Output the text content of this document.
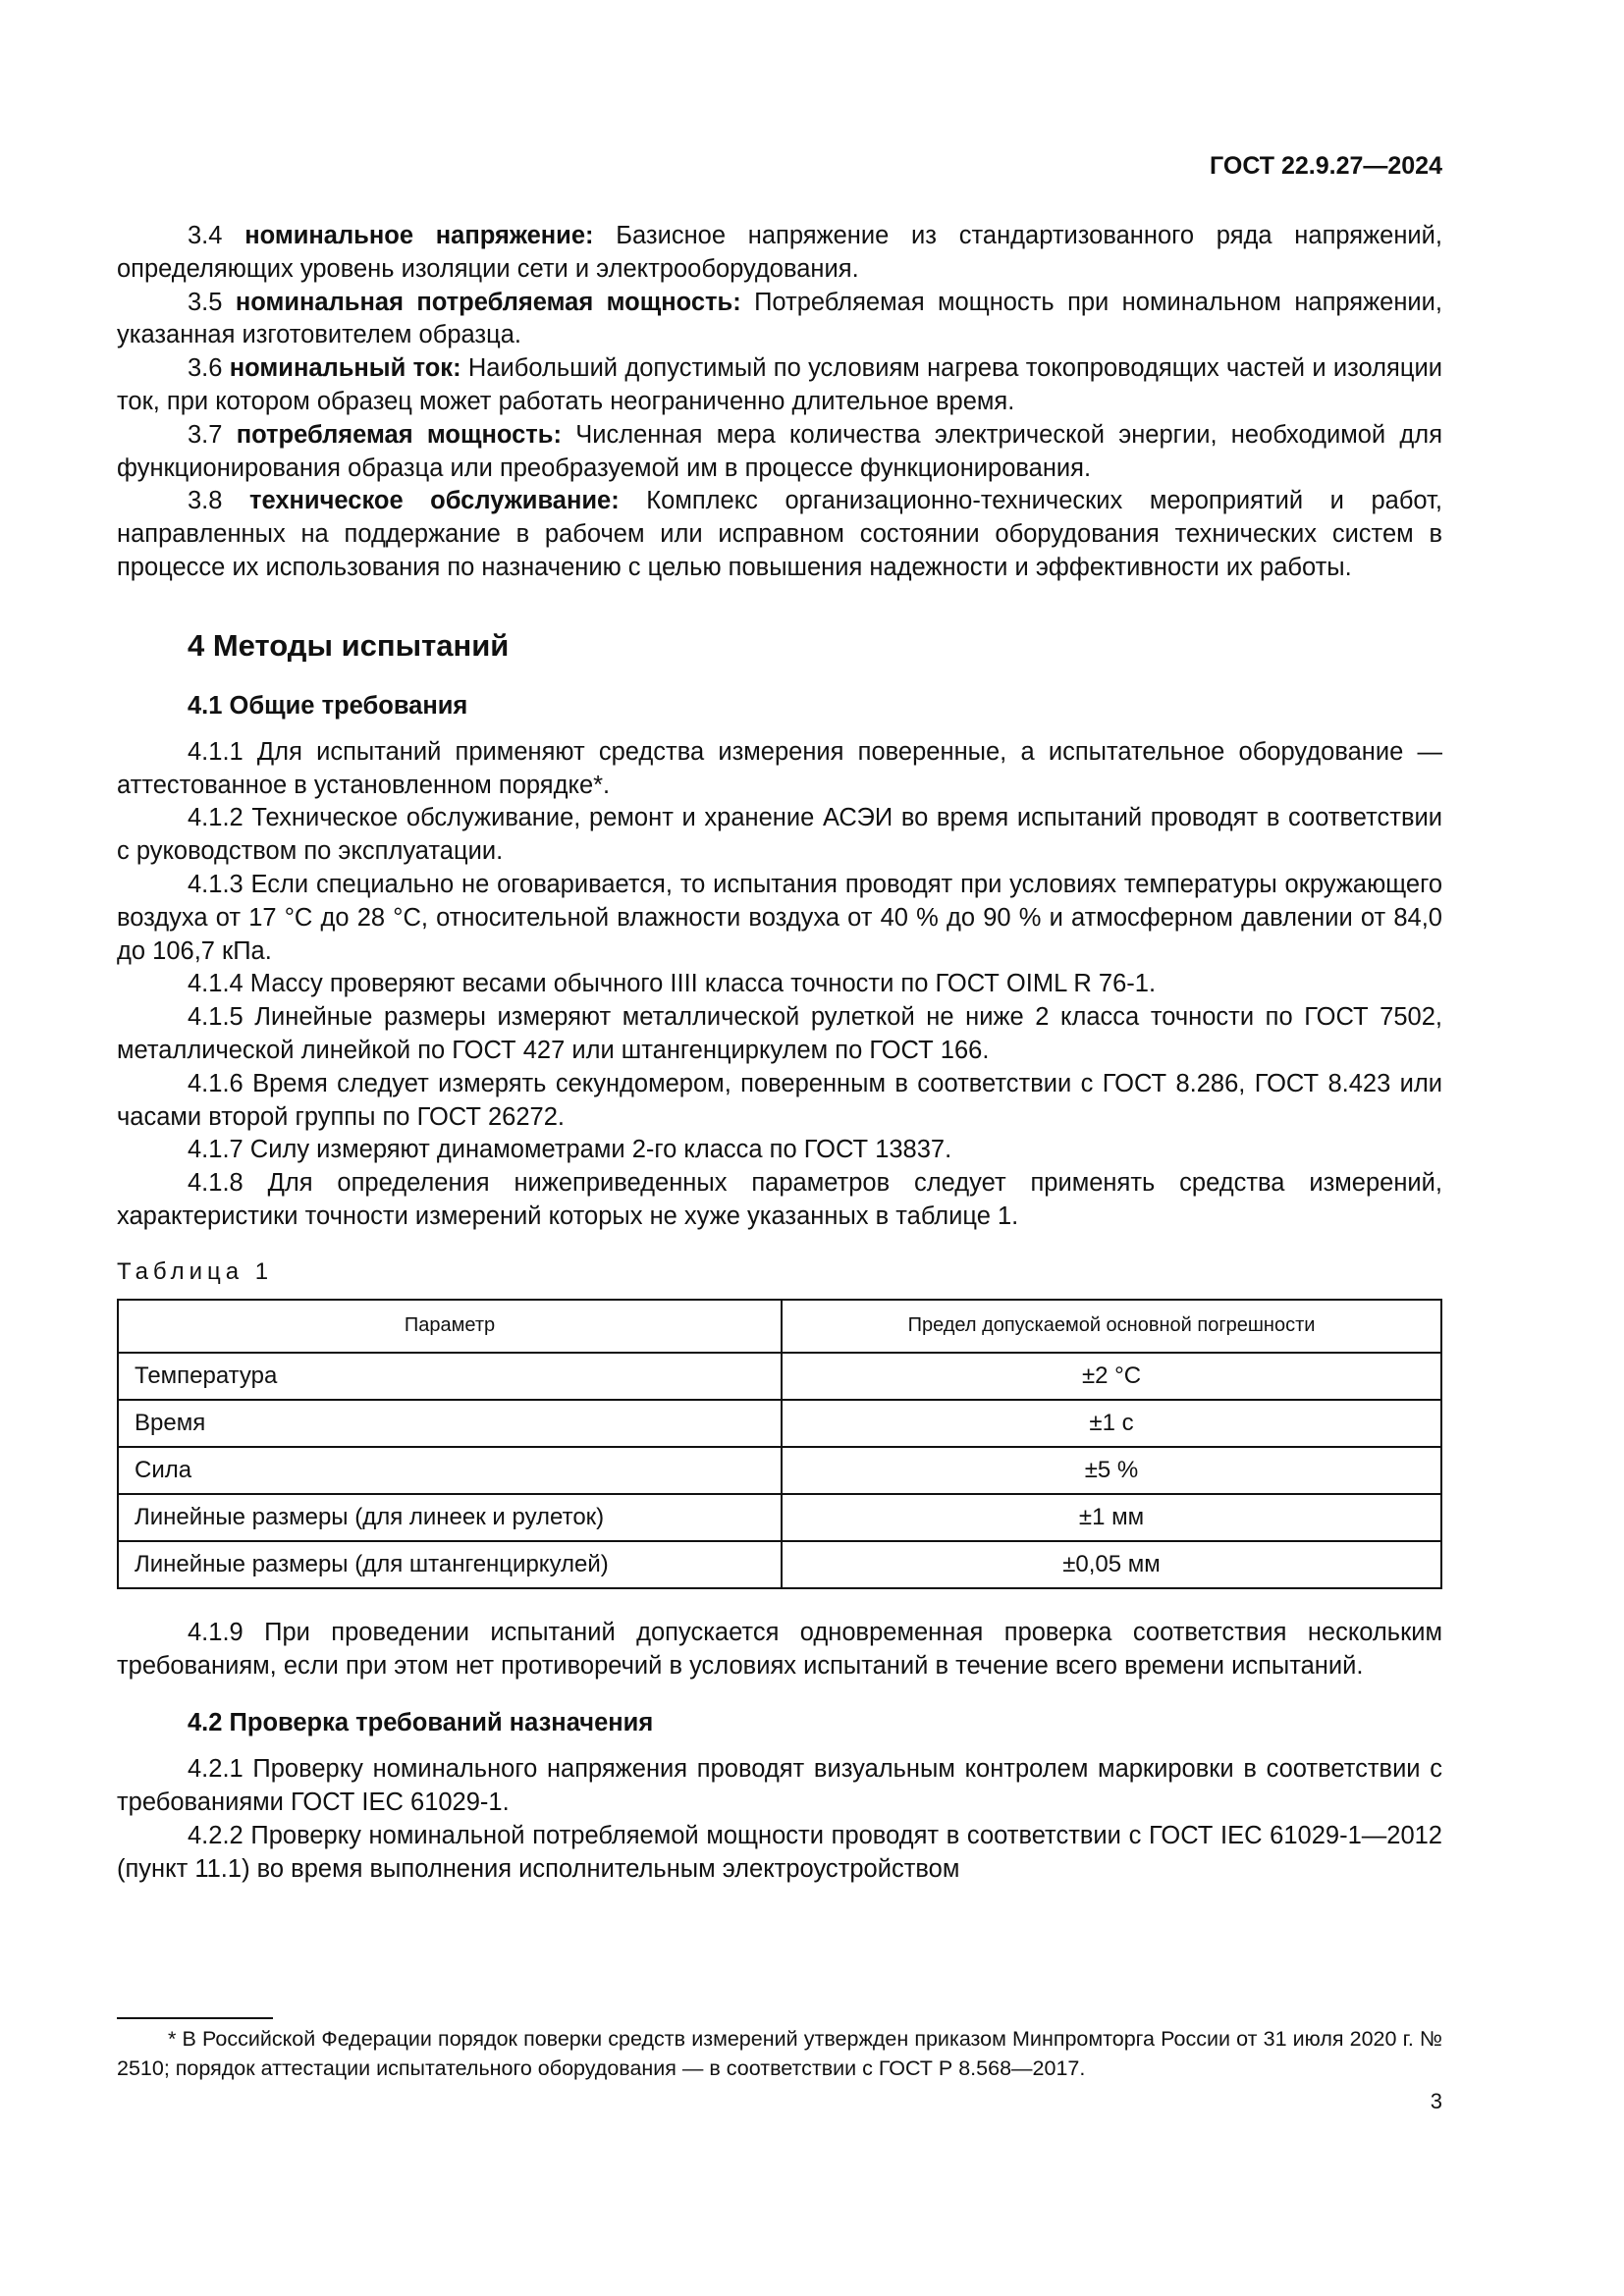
ГОСТ 22.9.27—2024

3.4 номинальное напряжение: Базисное напряжение из стандартизованного ряда напряжений, определяющих уровень изоляции сети и электрооборудования.

3.5 номинальная потребляемая мощность: Потребляемая мощность при номинальном напряжении, указанная изготовителем образца.

3.6 номинальный ток: Наибольший допустимый по условиям нагрева токопроводящих частей и изоляции ток, при котором образец может работать неограниченно длительное время.

3.7 потребляемая мощность: Численная мера количества электрической энергии, необходимой для функционирования образца или преобразуемой им в процессе функционирования.

3.8 техническое обслуживание: Комплекс организационно-технических мероприятий и работ, направленных на поддержание в рабочем или исправном состоянии оборудования технических систем в процессе их использования по назначению с целью повышения надежности и эффективности их работы.

4 Методы испытаний
4.1 Общие требования

4.1.1 Для испытаний применяют средства измерения поверенные, а испытательное оборудование — аттестованное в установленном порядке*.

4.1.2 Техническое обслуживание, ремонт и хранение АСЭИ во время испытаний проводят в соответствии с руководством по эксплуатации.

4.1.3 Если специально не оговаривается, то испытания проводят при условиях температуры окружающего воздуха от 17 °С до 28 °С, относительной влажности воздуха от 40 % до 90 % и атмосферном давлении от 84,0 до 106,7 кПа.

4.1.4 Массу проверяют весами обычного IIII класса точности по ГОСТ OIML R 76-1.

4.1.5 Линейные размеры измеряют металлической рулеткой не ниже 2 класса точности по ГОСТ 7502, металлической линейкой по ГОСТ 427 или штангенциркулем по ГОСТ 166.

4.1.6 Время следует измерять секундомером, поверенным в соответствии с ГОСТ 8.286, ГОСТ 8.423 или часами второй группы по ГОСТ 26272.

4.1.7 Силу измеряют динамометрами 2-го класса по ГОСТ 13837.

4.1.8 Для определения нижеприведенных параметров следует применять средства измерений, характеристики точности измерений которых не хуже указанных в таблице 1.

Таблица 1
Параметр	Предел допускаемой основной погрешности
Температура	±2 °С
Время	±1 с
Сила	±5 %
Линейные размеры (для линеек и рулеток)	±1 мм
Линейные размеры (для штангенциркулей)	±0,05 мм

4.1.9 При проведении испытаний допускается одновременная проверка соответствия нескольким требованиям, если при этом нет противоречий в условиях испытаний в течение всего времени испытаний.

4.2 Проверка требований назначения

4.2.1 Проверку номинального напряжения проводят визуальным контролем маркировки в соответствии с требованиями ГОСТ IEC 61029-1.

4.2.2 Проверку номинальной потребляемой мощности проводят в соответствии с ГОСТ IEC 61029-1—2012 (пункт 11.1) во время выполнения исполнительным электроустройством

* В Российской Федерации порядок поверки средств измерений утвержден приказом Минпромторга России от 31 июля 2020 г. № 2510; порядок аттестации испытательного оборудования — в соответствии с ГОСТ Р 8.568—2017.

3
